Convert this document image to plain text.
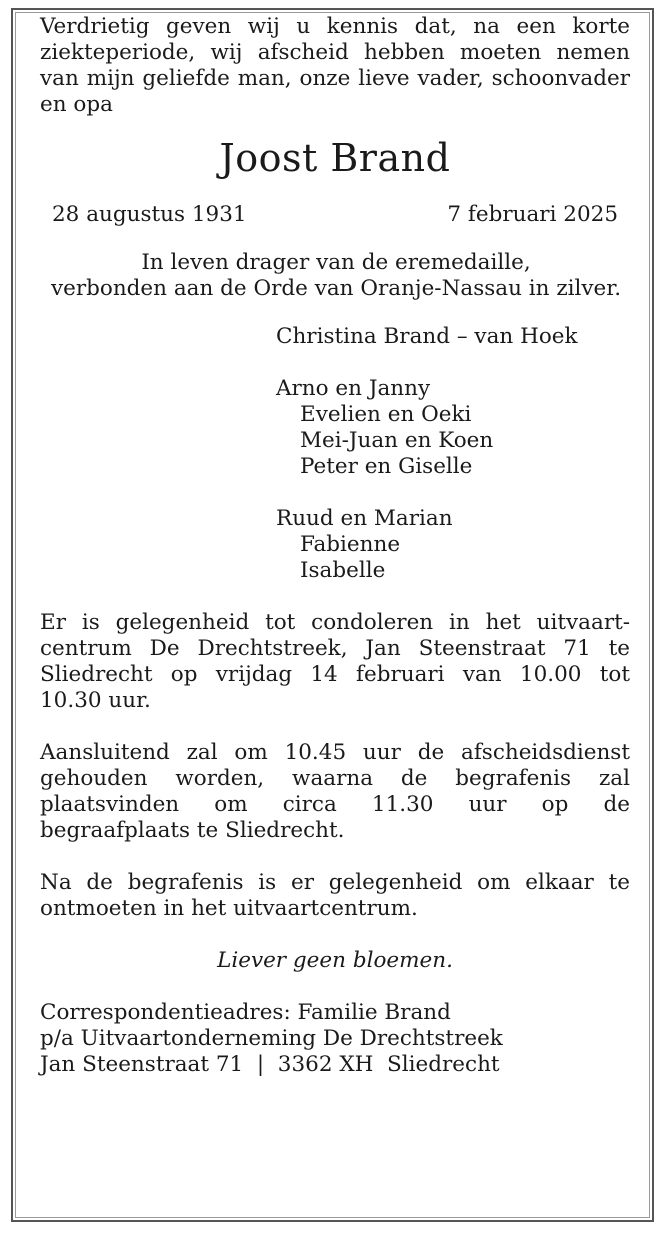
Verdrietig geven wij u kennis dat, na een korte ziekteperiode, wij afscheid hebben moeten nemen van mijn geliefde man, onze lieve vader, schoonvader en opa

Joost Brand
28 augustus 1931	7 februari 2025
In leven drager van de eremedaille,
verbonden aan de Orde van Oranje-Nassau in zilver.
Christina Brand – van Hoek
Arno en Janny
Evelien en Oeki
Mei-Juan en Koen
Peter en Giselle
Ruud en Marian
Fabienne
Isabelle
Er is gelegenheid tot condoleren in het uitvaart-
centrum De Drechtstreek, Jan Steenstraat 71 te
Sliedrecht op vrijdag 14 februari van 10.00 tot
10.30 uur.
Aansluitend zal om 10.45 uur de afscheidsdienst
gehouden worden, waarna de begrafenis zal
plaatsvinden om circa 11.30 uur op de
begraafplaats te Sliedrecht.
Na de begrafenis is er gelegenheid om elkaar te
ontmoeten in het uitvaartcentrum.
Liever geen bloemen.
Correspondentieadres: Familie Brand
p/a Uitvaartonderneming De Drechtstreek
Jan Steenstraat 71  |  3362 XH  Sliedrecht
